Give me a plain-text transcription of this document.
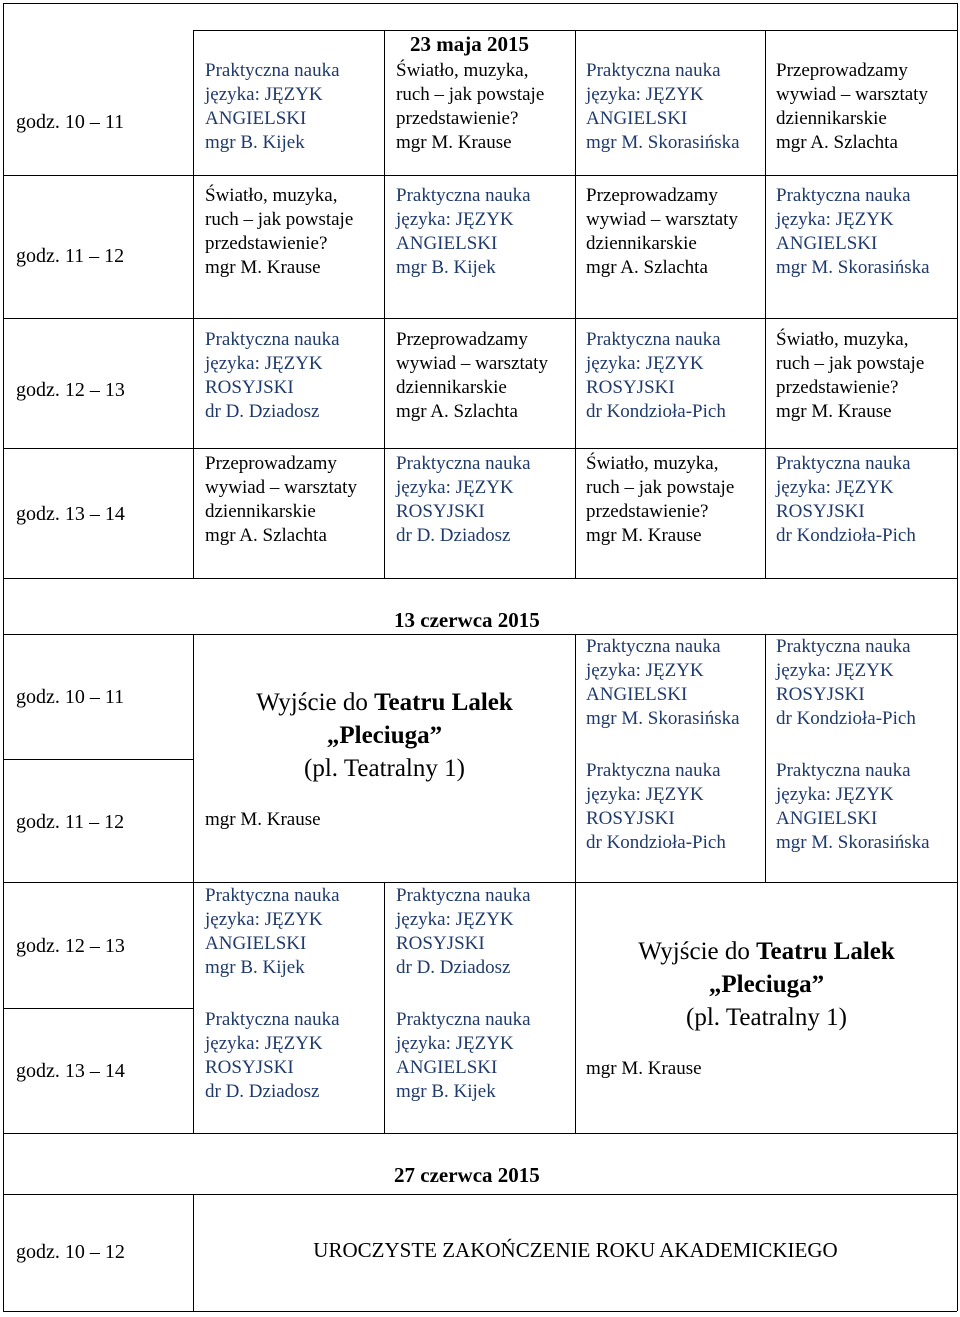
23 maja 2015
godz. 10 – 11
godz. 11 – 12
godz. 12 – 13
godz. 13 – 14
Praktyczna nauka
języka: JĘZYK
ANGIELSKI
mgr B. Kijek
Światło, muzyka,
ruch – jak powstaje
przedstawienie?
mgr M. Krause
Praktyczna nauka
języka: JĘZYK
ANGIELSKI
mgr M. Skorasińska
Przeprowadzamy
wywiad – warsztaty
dziennikarskie
mgr A. Szlachta
Światło, muzyka,
ruch – jak powstaje
przedstawienie?
mgr M. Krause
Praktyczna nauka
języka: JĘZYK
ANGIELSKI
mgr B. Kijek
Przeprowadzamy
wywiad – warsztaty
dziennikarskie
mgr A. Szlachta
Praktyczna nauka
języka: JĘZYK
ANGIELSKI
mgr M. Skorasińska
Praktyczna nauka
języka: JĘZYK
ROSYJSKI
dr D. Dziadosz
Przeprowadzamy
wywiad – warsztaty
dziennikarskie
mgr A. Szlachta
Praktyczna nauka
języka: JĘZYK
ROSYJSKI
dr Kondzioła-Pich
Światło, muzyka,
ruch – jak powstaje
przedstawienie?
mgr M. Krause
Przeprowadzamy
wywiad – warsztaty
dziennikarskie
mgr A. Szlachta
Praktyczna nauka
języka: JĘZYK
ROSYJSKI
dr D. Dziadosz
Światło, muzyka,
ruch – jak powstaje
przedstawienie?
mgr M. Krause
Praktyczna nauka
języka: JĘZYK
ROSYJSKI
dr Kondzioła-Pich
13 czerwca 2015
godz. 10 – 11
godz. 11 – 12
godz. 12 – 13
godz. 13 – 14
Wyjście do Teatru Lalek
„Pleciuga”
(pl. Teatralny 1)
mgr M. Krause
Praktyczna nauka
języka: JĘZYK
ANGIELSKI
mgr M. Skorasińska
Praktyczna nauka
języka: JĘZYK
ROSYJSKI
dr Kondzioła-Pich
Praktyczna nauka
języka: JĘZYK
ROSYJSKI
dr Kondzioła-Pich
Praktyczna nauka
języka: JĘZYK
ANGIELSKI
mgr M. Skorasińska
Praktyczna nauka
języka: JĘZYK
ANGIELSKI
mgr B. Kijek
Praktyczna nauka
języka: JĘZYK
ROSYJSKI
dr D. Dziadosz
Praktyczna nauka
języka: JĘZYK
ROSYJSKI
dr D. Dziadosz
Praktyczna nauka
języka: JĘZYK
ANGIELSKI
mgr B. Kijek
Wyjście do Teatru Lalek
„Pleciuga”
(pl. Teatralny 1)
mgr M. Krause
27 czerwca 2015
godz. 10 – 12	UROCZYSTE ZAKOŃCZENIE ROKU AKADEMICKIEGO
